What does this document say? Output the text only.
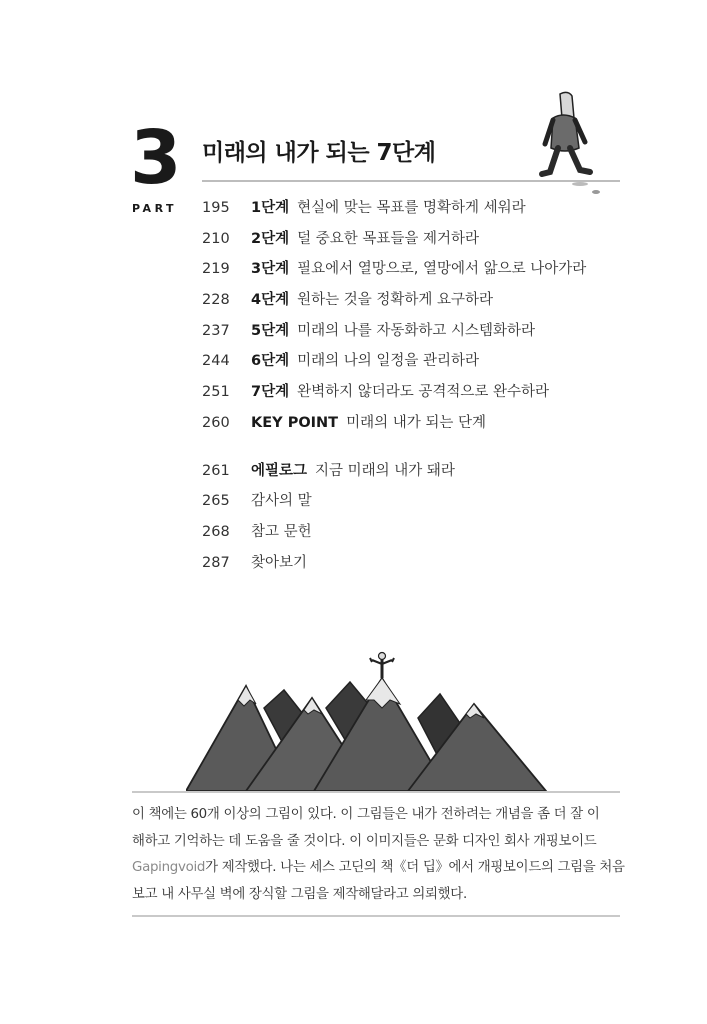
3
PART
미래의 내가 되는 7단계
195	1단계 현실에 맞는 목표를 명확하게 세워라
210	2단계 덜 중요한 목표들을 제거하라
219	3단계 필요에서 열망으로, 열망에서 앎으로 나아가라
228	4단계 원하는 것을 정확하게 요구하라
237	5단계 미래의 나를 자동화하고 시스템화하라
244	6단계 미래의 나의 일정을 관리하라
251	7단계 완벽하지 않더라도 공격적으로 완수하라
260	KEY POINT 미래의 내가 되는 단계
261	에필로그 지금 미래의 내가 돼라
265	감사의 말
268	참고 문헌
287	찾아보기
이 책에는 60개 이상의 그림이 있다. 이 그림들은 내가 전하려는 개념을 좀 더 잘 이
해하고 기억하는 데 도움을 줄 것이다. 이 이미지들은 문화 디자인 회사 개핑보이드
Gapingvoid가 제작했다. 나는 세스 고딘의 책《더 딥》에서 개핑보이드의 그림을 처음
보고 내 사무실 벽에 장식할 그림을 제작해달라고 의뢰했다.
